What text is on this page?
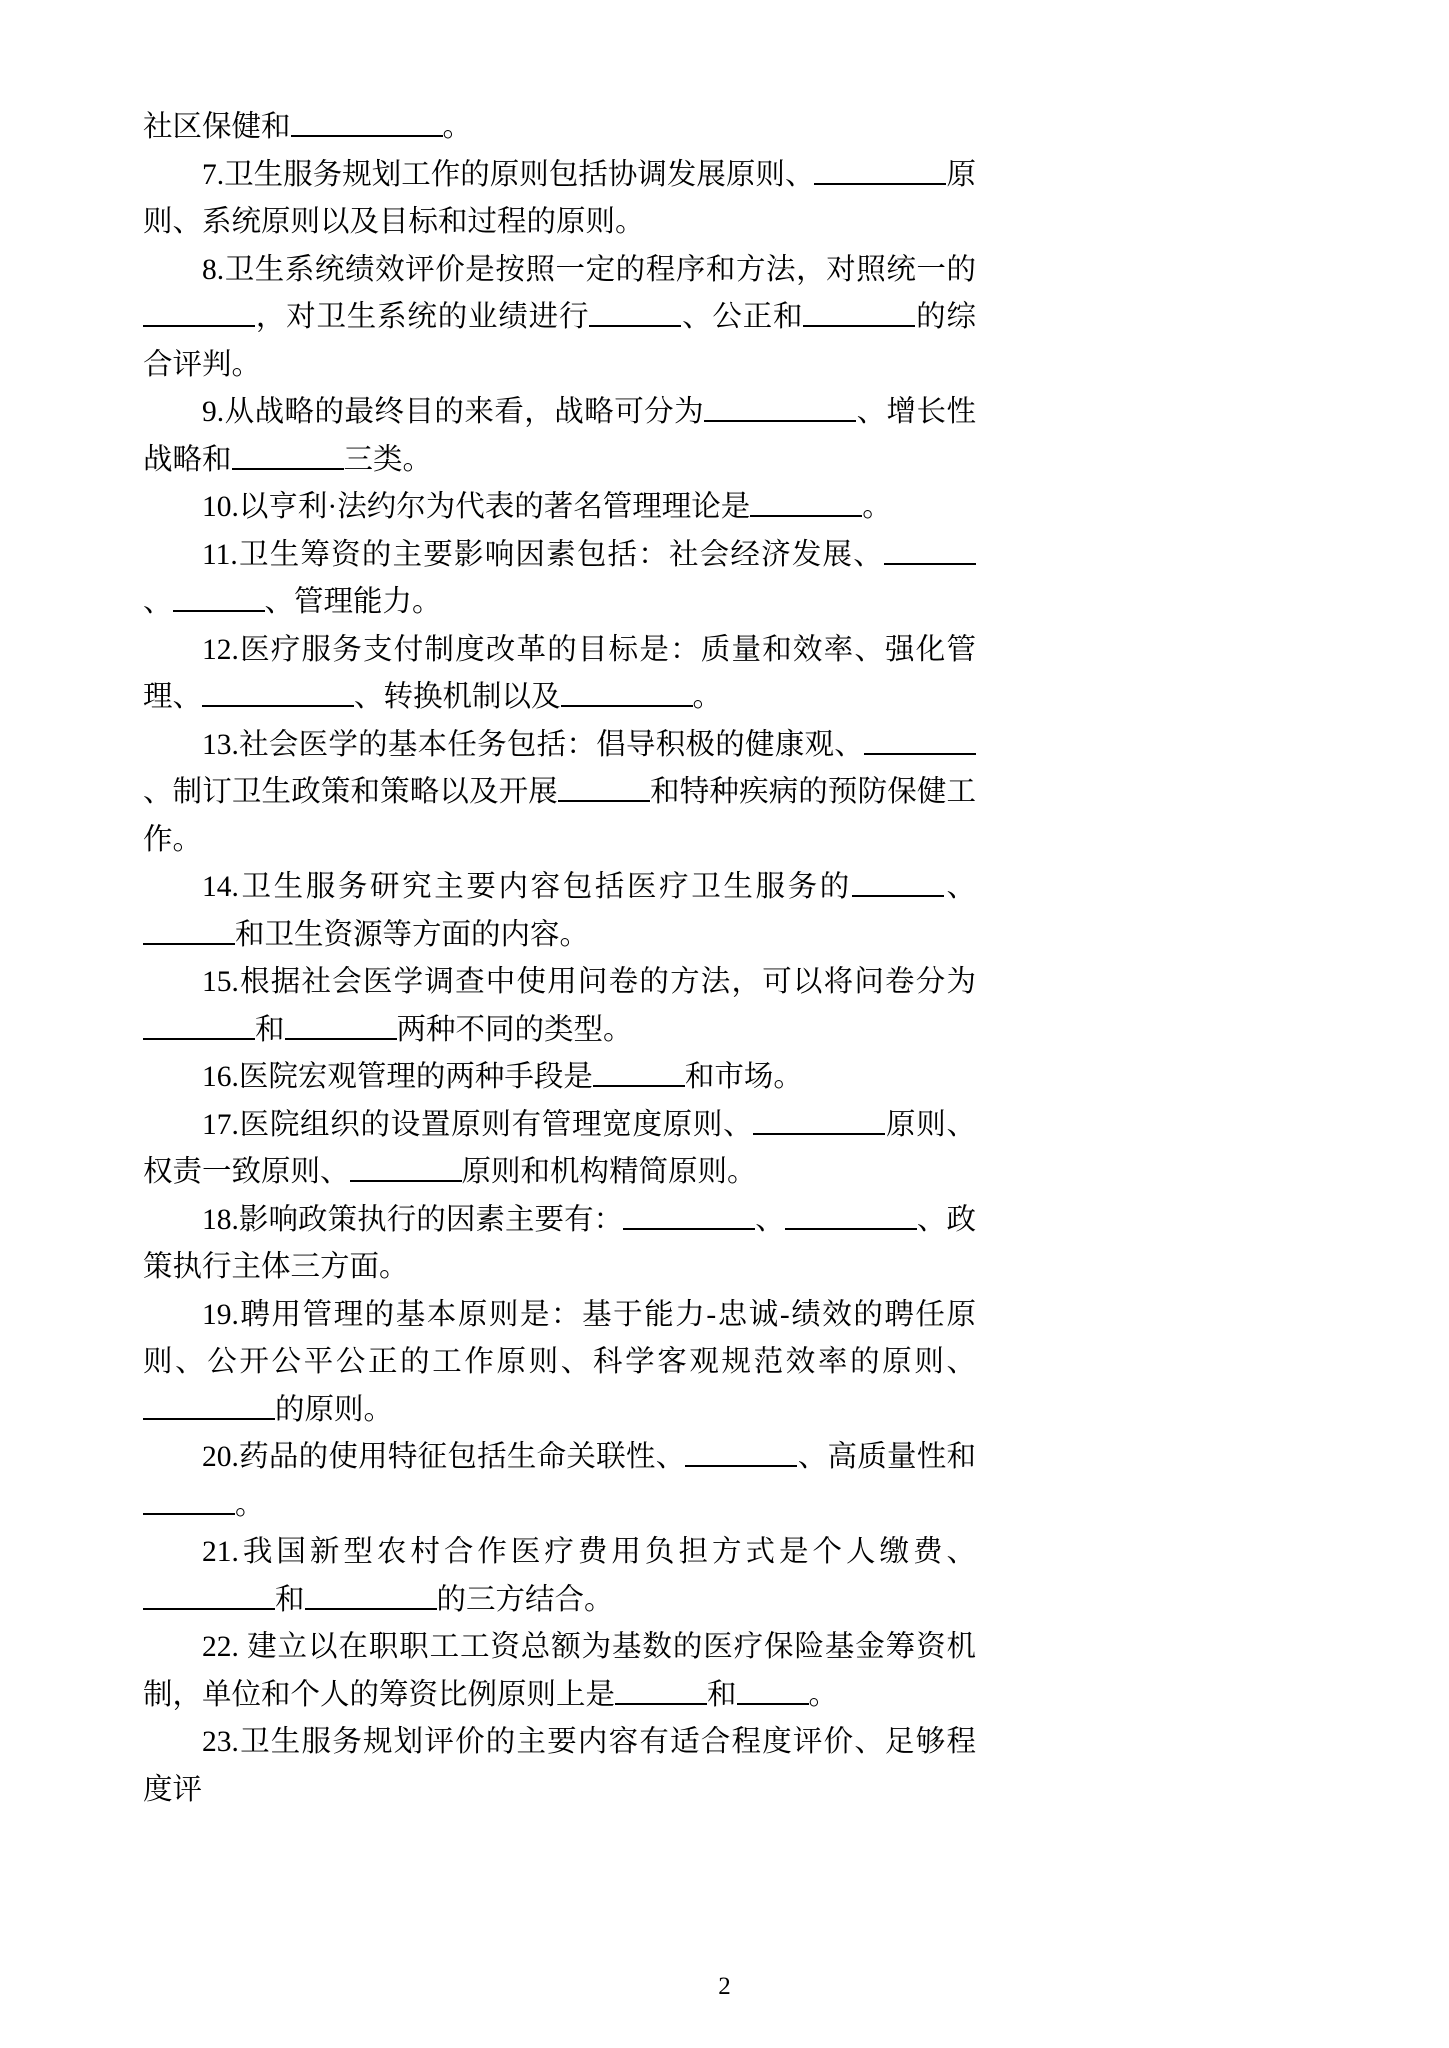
社区保健和	。

7.卫生服务规划工作的原则包括协调发展原则、	原则、系统原则以及目标和过程的原则。

8.卫生系统绩效评价是按照一定的程序和方法，对照统一的，对卫生系统的业绩进行	、公正和	的综合评判。

9.从战略的最终目的来看，战略可分为	、增长性战略和	三类。

10.以亨利·法约尔为代表的著名管理理论是	。

11.卫生筹资的主要影响因素包括：社会经济发展、、	、管理能力。

12.医疗服务支付制度改革的目标是：质量和效率、强化管理、	、转换机制以及	。

13.社会医学的基本任务包括：倡导积极的健康观、、制订卫生政策和策略以及开展	和特种疾病的预防保健工作。

14.卫生服务研究主要内容包括医疗卫生服务的	、和卫生资源等方面的内容。

15.根据社会医学调查中使用问卷的方法，可以将问卷分为和	两种不同的类型。

16.医院宏观管理的两种手段是	和市场。

17.医院组织的设置原则有管理宽度原则、	原则、权责一致原则、	原则和机构精简原则。

18.影响政策执行的因素主要有：	、	、政策执行主体三方面。

19.聘用管理的基本原则是：基于能力-忠诚-绩效的聘任原则、公开公平公正的工作原则、科学客观规范效率的原则、的原则。

20.药品的使用特征包括生命关联性、	、高质量性和。

21.我国新型农村合作医疗费用负担方式是个人缴费、和	的三方结合。

22. 建立以在职职工工资总额为基数的医疗保险基金筹资机制，单位和个人的筹资比例原则上是	和 。

23.卫生服务规划评价的主要内容有适合程度评价、足够程度评

2
